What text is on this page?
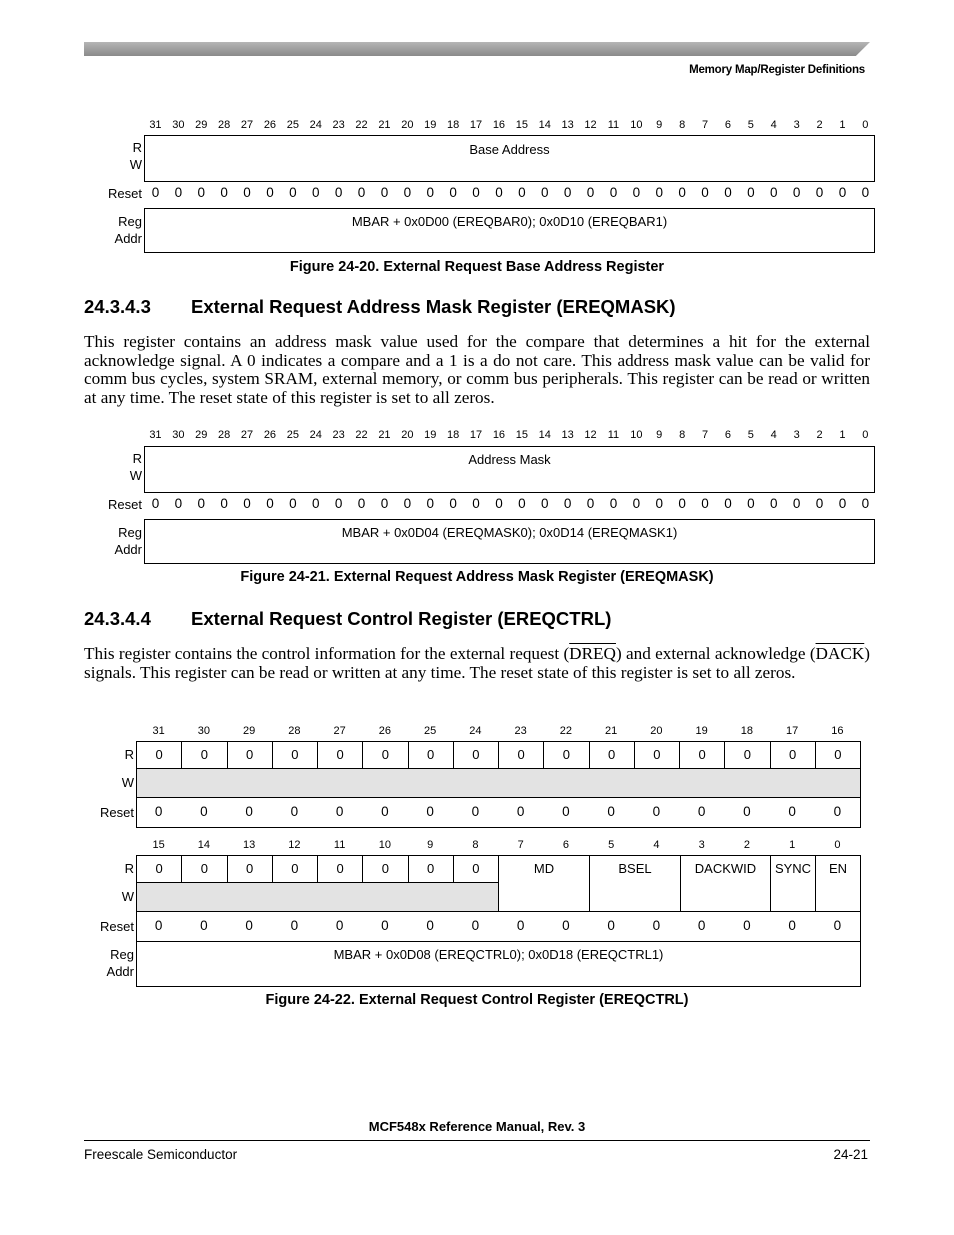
Memory Map/Register Definitions
31 30 29 28 27 26 25 24 23 22 21 20 19 18 17 16 15 14 13 12	11	10	9	8	7	6	5	4	3	2	1	0
R
W
Base Address
Reset 0	0	0	0	0	0	0	0	0	0	0	0	0	0	0	0	0	0	0	0	0	0	0	0	0	0	0	0	0	0	0	0
Reg
Addr
MBAR + 0x0D00 (EREQBAR0); 0x0D10 (EREQBAR1)
Figure 24-20. External Request Base Address Register
24.3.4.3 External Request Address Mask Register (EREQMASK)

This register contains an address mask value used for the compare that determines a hit for the external acknowledge signal. A 0 indicates a compare and a 1 is a do not care. This address mask value can be valid for comm bus cycles, system SRAM, external memory, or comm bus peripherals. This register can be read or written at any time. The reset state of this register is set to all zeros.

31 30 29 28 27 26 25 24 23 22 21 20 19 18 17 16 15 14 13 12	11	10	9	8	7	6	5	4	3	2	1	0
R
W
Address Mask
Reset 0	0	0	0	0	0	0	0	0	0	0	0	0	0	0	0	0	0	0	0	0	0	0	0	0	0	0	0	0	0	0	0
Reg
Addr
MBAR + 0x0D04 (EREQMASK0); 0x0D14 (EREQMASK1)
Figure 24-21. External Request Address Mask Register (EREQMASK)
24.3.4.4 External Request Control Register (EREQCTRL)

This register contains the control information for the external request (DREQ) and external acknowledge (DACK) signals. This register can be read or written at any time. The reset state of this register is set to all zeros.

31	30	29	28	27	26	25	24	23	22	21	20	19	18	17	16
R	0	0	0	0	0	0	0	0	0	0	0	0	0	0	0	0
W
Reset	0	0	0	0	0	0	0	0	0	0	0	0	0	0	0	0
15	14	13	12	11	10	9	8	7	6	5	4	3	2	1	0
R	0	0	0	0	0	0	0	0
W
MD	BSEL	DACKWID	SYNC	EN
Reset	0	0	0	0	0	0	0	0	0	0	0	0	0	0	0	0
Reg
Addr
MBAR + 0x0D08 (EREQCTRL0); 0x0D18 (EREQCTRL1)
Figure 24-22. External Request Control Register (EREQCTRL)
MCF548x Reference Manual, Rev. 3
Freescale Semiconductor	24-21
